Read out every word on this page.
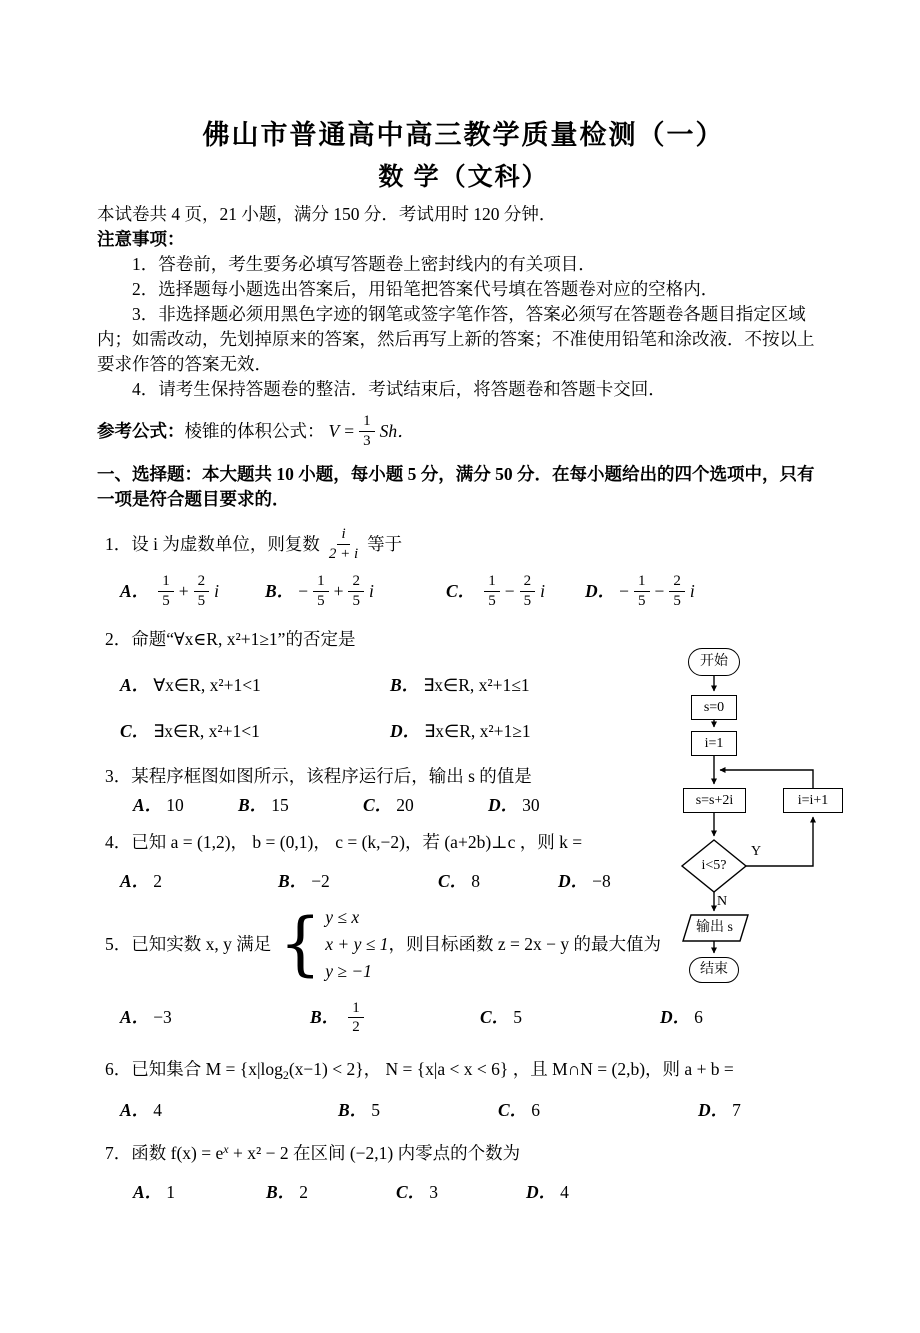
佛山市普通高中高三教学质量检测（一）
数 学（文科）

本试卷共 4 页，21 小题，满分 150 分．考试用时 120 分钟．

注意事项：

1．答卷前，考生要务必填写答题卷上密封线内的有关项目．

2．选择题每小题选出答案后，用铅笔把答案代号填在答题卷对应的空格内．

3．非选择题必须用黑色字迹的钢笔或签字笔作答，答案必须写在答题卷各题目指定区域内；如需改动，先划掉原来的答案，然后再写上新的答案；不准使用铅笔和涂改液．不按以上要求作答的答案无效．

4．请考生保持答题卷的整洁．考试结束后，将答题卷和答题卡交回．

参考公式： 棱锥的体积公式： $V = \frac{1}{3}$ Sh．

一、选择题：本大题共 10 小题，每小题 5 分，满分 50 分．在每小题给出的四个选项中，只有一项是符合题目要求的．

1．设 i 为虚数单位，则复数 $\frac{i}{2 + i}$ 等于
A． $\frac{1}{5} + \frac{2}{5}$ i	B． − $\frac{1}{5} + \frac{2}{5}$ i	C． $\frac{1}{5} - \frac{2}{5}$ i D． − $\frac{1}{5} - \frac{2}{5}$ i
2．命题“∀x∈R, x²+1≥1”的否定是
A． ∀x∈R, x²+1<1	B． ∃x∈R, x²+1≤1
C． ∃x∈R, x²+1<1	D． ∃x∈R, x²+1≥1
3．某程序框图如图所示，该程序运行后，输出 s 的值是
A． 10	B． 15	C． 20	D． 30
4．已知 a = (1,2)， b = (0,1)， c = (k,−2)，若 (a+2b)⊥c ，则 k =
A． 2	B． −2	C． 8	D． −8
5．已知实数 x, y 满足 { y ≤ x
x + y ≤ 1
y ≥ −1
，则目标函数 z = 2x − y 的最大值为
A． −3	B． $\frac{1}{2}$	C． 5	D． 6
6．已知集合 $M = \{x|\log_2(x-1) < 2\}$， N = {x|a < x < 6} ，且 M∩N = (2,b)，则 a + b =
A． 4	B． 5	C． 6	D． 7
7．函数 $f(x) = e^x + x^2 - 2$ 在区间 (−2,1) 内零点的个数为
A． 1	B． 2	C． 3	D． 4
开始
s=0
i=1
s=s+2i	i=i+1
i<5?
Y
N
输出 s
结束
